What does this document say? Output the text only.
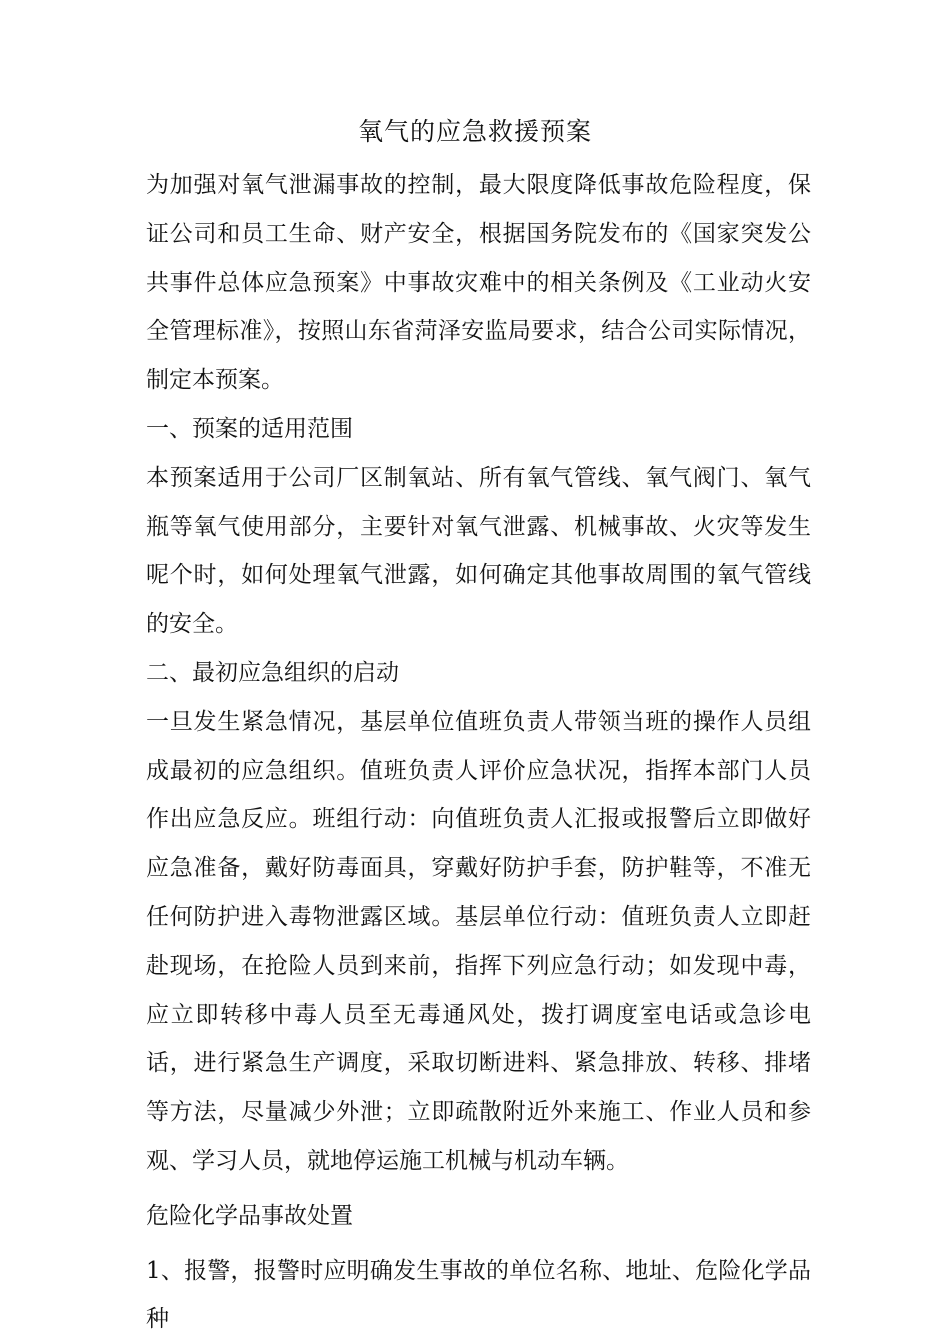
氧气的应急救援预案

为加强对氧气泄漏事故的控制，最大限度降低事故危险程度，保证公司和员工生命、财产安全，根据国务院发布的《国家突发公共事件总体应急预案》中事故灾难中的相关条例及《工业动火安全管理标准》，按照山东省菏泽安监局要求，结合公司实际情况，制定本预案。

一、预案的适用范围

本预案适用于公司厂区制氧站、所有氧气管线、氧气阀门、氧气瓶等氧气使用部分，主要针对氧气泄露、机械事故、火灾等发生呢个时，如何处理氧气泄露，如何确定其他事故周围的氧气管线的安全。

二、最初应急组织的启动

一旦发生紧急情况，基层单位值班负责人带领当班的操作人员组成最初的应急组织。值班负责人评价应急状况，指挥本部门人员作出应急反应。班组行动：向值班负责人汇报或报警后立即做好应急准备，戴好防毒面具，穿戴好防护手套，防护鞋等，不准无任何防护进入毒物泄露区域。基层单位行动：值班负责人立即赶赴现场，在抢险人员到来前，指挥下列应急行动；如发现中毒，应立即转移中毒人员至无毒通风处，拨打调度室电话或急诊电话，进行紧急生产调度，采取切断进料、紧急排放、转移、排堵等方法，尽量减少外泄；立即疏散附近外来施工、作业人员和参观、学习人员，就地停运施工机械与机动车辆。

危险化学品事故处置

1、报警，报警时应明确发生事故的单位名称、地址、危险化学品种
